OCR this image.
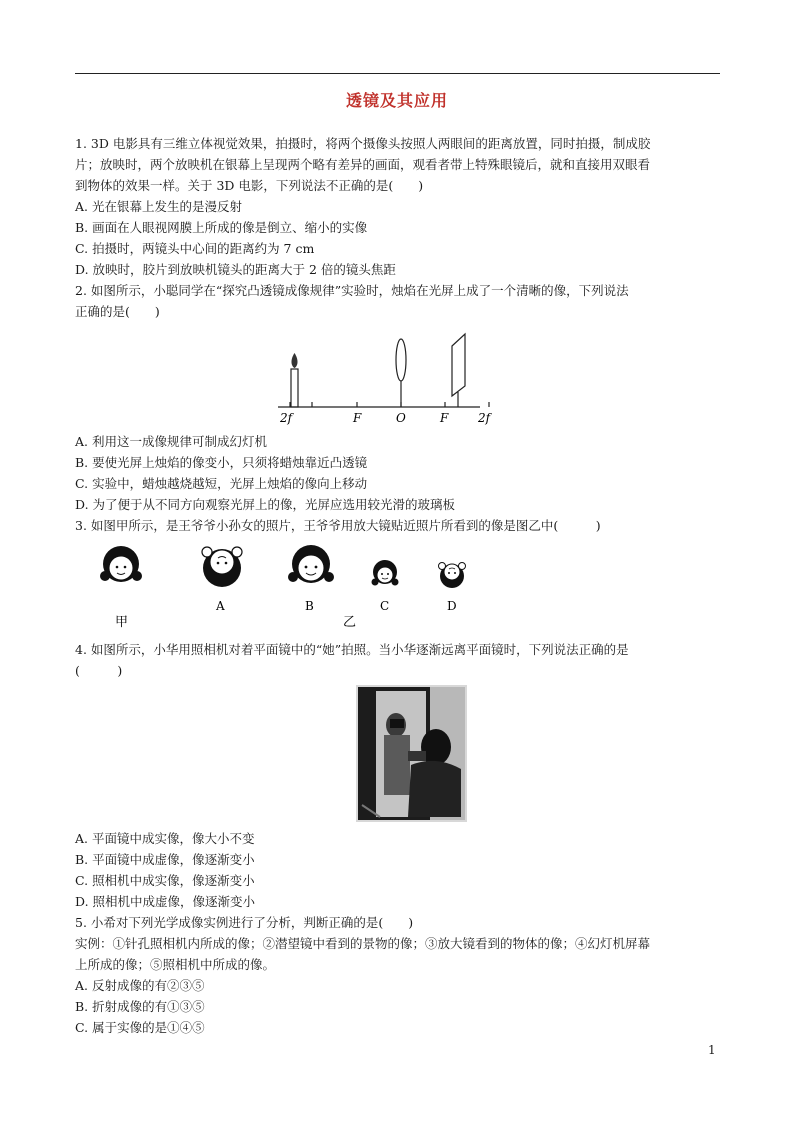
透镜及其应用
1. 3D 电影具有三维立体视觉效果，拍摄时，将两个摄像头按照人两眼间的距离放置，同时拍摄，制成胶
片；放映时，两个放映机在银幕上呈现两个略有差异的画面，观看者带上特殊眼镜后，就和直接用双眼看
到物体的效果一样。关于 3D 电影，下列说法不正确的是(　　)
A. 光在银幕上发生的是漫反射
B. 画面在人眼视网膜上所成的像是倒立、缩小的实像
C. 拍摄时，两镜头中心间的距离约为 7 cm
D. 放映时，胶片到放映机镜头的距离大于 2 倍的镜头焦距
2. 如图所示，小聪同学在“探究凸透镜成像规律”实验时，烛焰在光屏上成了一个清晰的像，下列说法
正确的是(　　)
2f	F	O	F 2f
A. 利用这一成像规律可制成幻灯机
B. 要使光屏上烛焰的像变小，只须将蜡烛靠近凸透镜
C. 实验中，蜡烛越烧越短，光屏上烛焰的像向上移动
D. 为了便于从不同方向观察光屏上的像，光屏应选用较光滑的玻璃板
3. 如图甲所示，是王爷爷小孙女的照片，王爷爷用放大镜贴近照片所看到的像是图乙中(　　　)
甲
A	B
乙
C	D
4. 如图所示，小华用照相机对着平面镜中的“她”拍照。当小华逐渐远离平面镜时，下列说法正确的是
(　　　)
A. 平面镜中成实像，像大小不变
B. 平面镜中成虚像，像逐渐变小
C. 照相机中成实像，像逐渐变小
D. 照相机中成虚像，像逐渐变小
5. 小希对下列光学成像实例进行了分析，判断正确的是(　　)
实例：①针孔照相机内所成的像；②潜望镜中看到的景物的像；③放大镜看到的物体的像；④幻灯机屏幕
上所成的像；⑤照相机中所成的像。
A. 反射成像的有②③⑤
B. 折射成像的有①③⑤
C. 属于实像的是①④⑤
1
